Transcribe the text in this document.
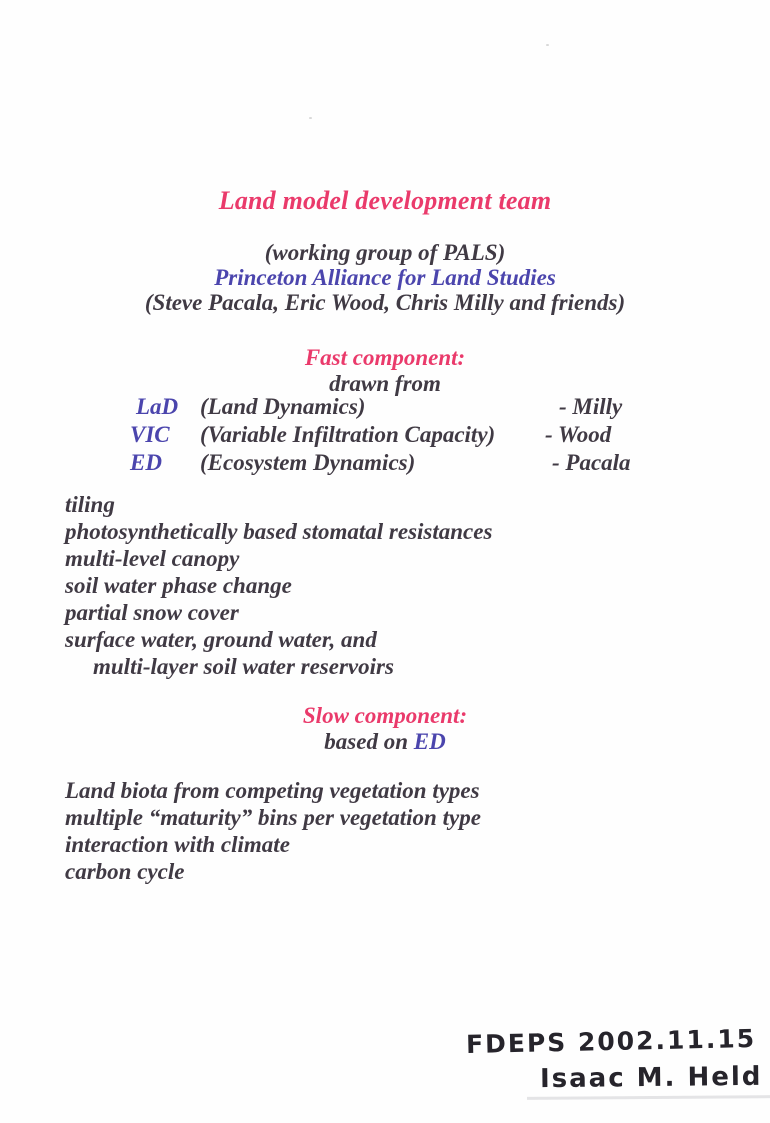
Land model development team
(working group of PALS)
Princeton Alliance for Land Studies
(Steve Pacala, Eric Wood, Chris Milly and friends)
Fast component:
drawn from
LaD (Land Dynamics)	- Milly
VIC (Variable Infiltration Capacity) - Wood
ED (Ecosystem Dynamics)	- Pacala
tiling
photosynthetically based stomatal resistances
multi-level canopy
soil water phase change
partial snow cover
surface water, ground water, and
multi-layer soil water reservoirs
Slow component:
based on ED
Land biota from competing vegetation types
multiple “maturity” bins per vegetation type
interaction with climate
carbon cycle
FDEPS 2002.11.15
Isaac M. Held
